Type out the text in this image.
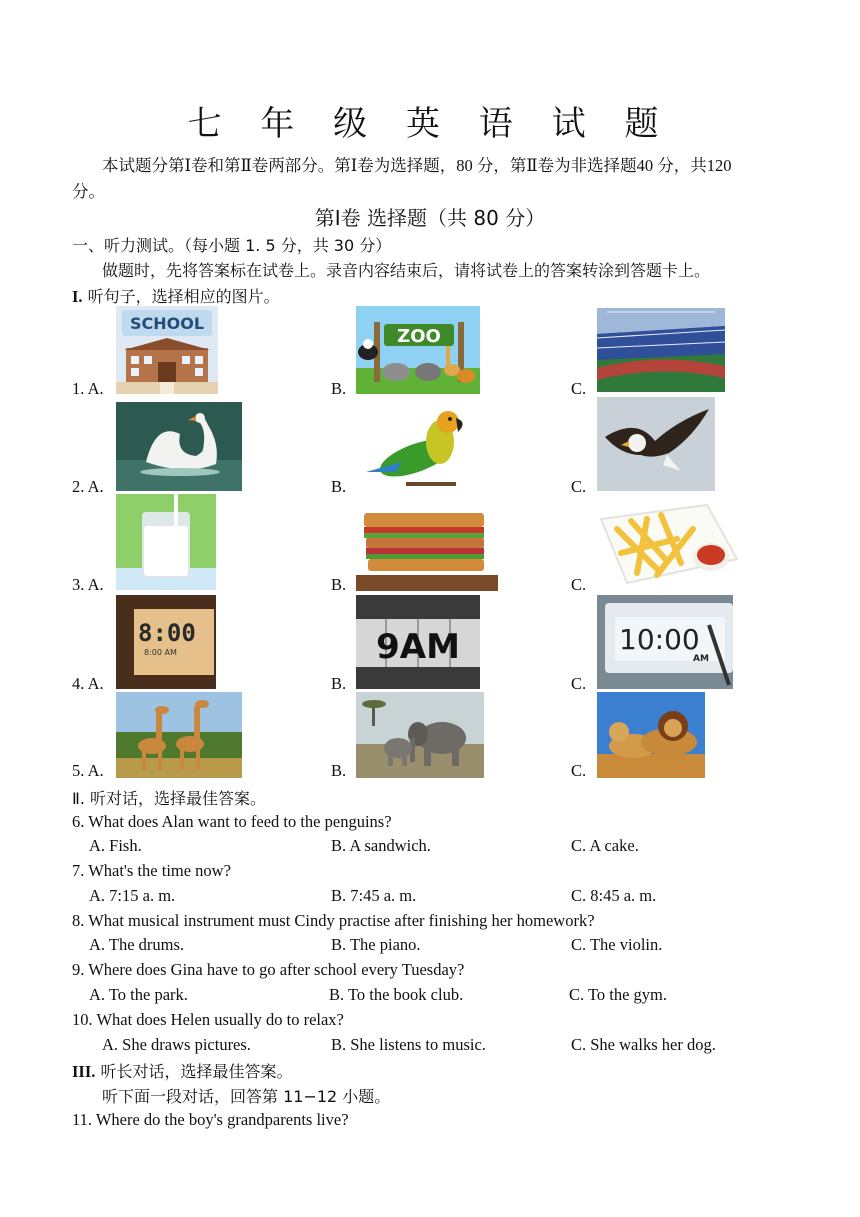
七 年 级 英 语 试 题
本试题分第Ⅰ卷和第Ⅱ卷两部分。第Ⅰ卷为选择题，80 分，第Ⅱ卷为非选择题40 分，共120
分。
第Ⅰ卷 选择题（共 80 分）
一、听力测试。（每小题 1. 5 分，共 30 分）
做题时，先将答案标在试卷上。录音内容结束后，请将试卷上的答案转涂到答题卡上。
I. 听句子，选择相应的图片。
1. A.	B.	C.
SCHOOL
ZOO
2. A.	B.	C.
3. A.	B.	C.
4. A.	B.	C.
8:00
8:00 AM	9AM	10:00
AM
5. A.	B.	C.
Ⅱ. 听对话，选择最佳答案。
6. What does Alan want to feed to the penguins?
A. Fish.	B. A sandwich.	C. A cake.
7. What's the time now?
A. 7:15 a. m.	B. 7:45 a. m.	C. 8:45 a. m.
8. What musical instrument must Cindy practise after finishing her homework?
A. The drums.	B. The piano.	C. The violin.
9. Where does Gina have to go after school every Tuesday?
A. To the park.	B. To the book club.	C. To the gym.
10. What does Helen usually do to relax?
A. She draws pictures.	B. She listens to music.	C. She walks her dog.
III. 听长对话，选择最佳答案。
听下面一段对话，回答第 11−12 小题。
11. Where do the boy's grandparents live?
